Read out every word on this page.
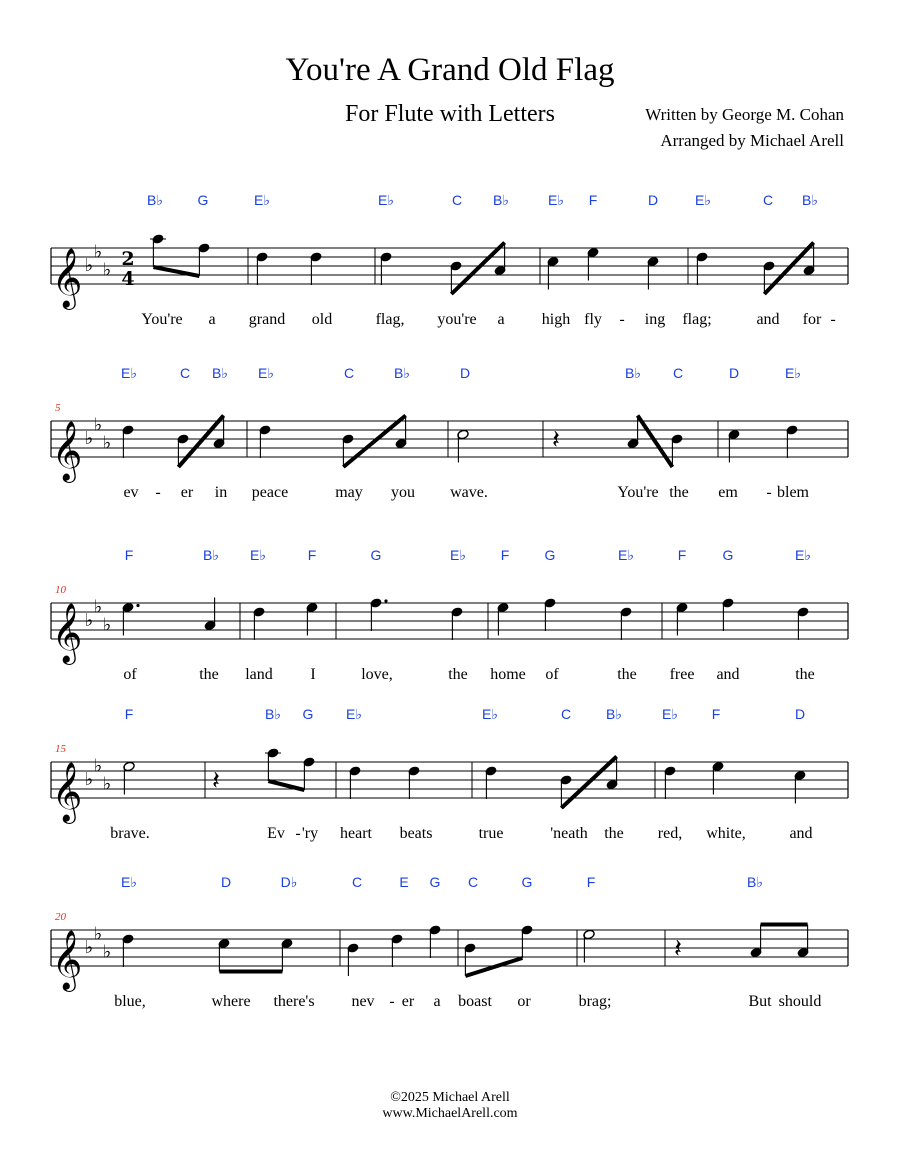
You're A Grand Old Flag
For Flute with Letters	Written by George M. Cohan
Arranged by Michael Arell
𝄞 ♭
♭
♭ 2
4
B♭ G	E♭	E♭	C B♭	E♭ F	D	E♭	C B♭
You're a grand old	flag, you're a high fly - ing flag;	and for -
𝄞 ♭
♭
♭
5
E♭	C B♭ E♭	C	B♭	D	B♭ C	D	E♭
ev - er in peace	may you wave.	You're the em - blem
𝄽
𝄞 ♭
♭
♭
10
F	B♭ E♭	F	G	E♭ F	G	E♭	F	G	E♭
of	the land I	love,	the home of	the free and	the
𝄞 ♭
♭
♭
15
F	B♭ G E♭	E♭	C B♭	E♭ F	D
brave.	Ev - 'ry heart beats	true	'neath the red, white,	and
𝄽
𝄞 ♭
♭
♭
20
E♭	D	D♭	C	E G C	G	F	B♭
blue,	where there's nev - er a boast or	brag;	But should
𝄽
©2025 Michael Arell
www.MichaelArell.com
